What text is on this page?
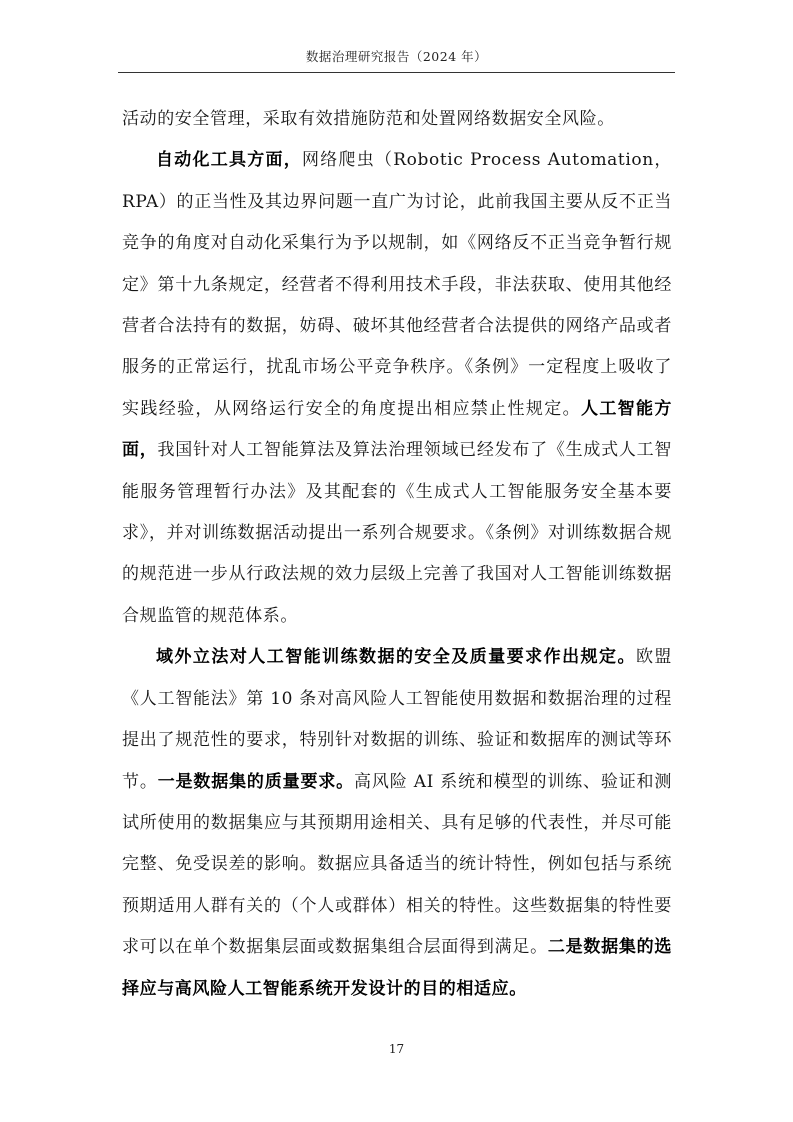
数据治理研究报告（2024 年）

活动的安全管理，采取有效措施防范和处置网络数据安全风险。

自动化工具方面，网络爬虫（Robotic Process Automation，RPA）的正当性及其边界问题一直广为讨论，此前我国主要从反不正当竞争的角度对自动化采集行为予以规制，如《网络反不正当竞争暂行规定》第十九条规定，经营者不得利用技术手段，非法获取、使用其他经营者合法持有的数据，妨碍、破坏其他经营者合法提供的网络产品或者服务的正常运行，扰乱市场公平竞争秩序。《条例》一定程度上吸收了实践经验，从网络运行安全的角度提出相应禁止性规定。人工智能方面，我国针对人工智能算法及算法治理领域已经发布了《生成式人工智能服务管理暂行办法》及其配套的《生成式人工智能服务安全基本要求》，并对训练数据活动提出一系列合规要求。《条例》对训练数据合规的规范进一步从行政法规的效力层级上完善了我国对人工智能训练数据合规监管的规范体系。

域外立法对人工智能训练数据的安全及质量要求作出规定。欧盟《人工智能法》第 10 条对高风险人工智能使用数据和数据治理的过程提出了规范性的要求，特别针对数据的训练、验证和数据库的测试等环节。一是数据集的质量要求。高风险 AI 系统和模型的训练、验证和测试所使用的数据集应与其预期用途相关、具有足够的代表性，并尽可能完整、免受误差的影响。数据应具备适当的统计特性，例如包括与系统预期适用人群有关的（个人或群体）相关的特性。这些数据集的特性要求可以在单个数据集层面或数据集组合层面得到满足。二是数据集的选择应与高风险人工智能系统开发设计的目的相适应。

17
